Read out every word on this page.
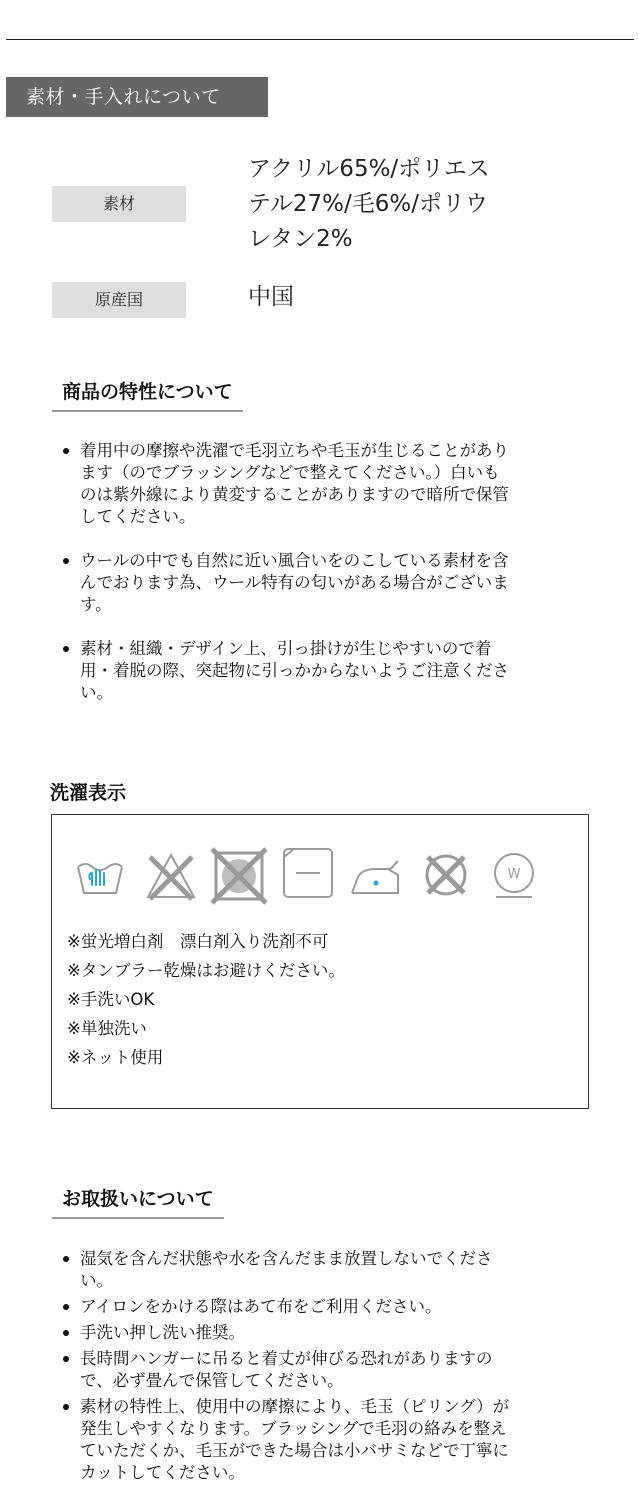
素材・手入れについて
素材
アクリル65%/ポリエス
テル27%/毛6%/ポリウ
レタン2%
原産国	中国
商品の特性について
着用中の摩擦や洗濯で毛羽立ちや毛玉が生じることがあり
ます（のでブラッシングなどで整えてください。）白いも
のは紫外線により黄変することがありますので暗所で保管
してください。
ウールの中でも自然に近い風合いをのこしている素材を含
んでおります為、ウール特有の匂いがある場合がございま
す。
素材・組織・デザイン上、引っ掛けが生じやすいので着
用・着脱の際、突起物に引っかからないようご注意くださ
い。
洗濯表示
W
※蛍光増白剤　漂白剤入り洗剤不可
※タンブラー乾燥はお避けください。
※手洗いOK
※単独洗い
※ネット使用
お取扱いについて
湿気を含んだ状態や水を含んだまま放置しないでくださ
い。
アイロンをかける際はあて布をご利用ください。
手洗い押し洗い推奨。
長時間ハンガーに吊ると着丈が伸びる恐れがありますの
で、必ず畳んで保管してください。
素材の特性上、使用中の摩擦により、毛玉（ピリング）が
発生しやすくなります。ブラッシングで毛羽の絡みを整え
ていただくか、毛玉ができた場合は小バサミなどで丁寧に
カットしてください。
